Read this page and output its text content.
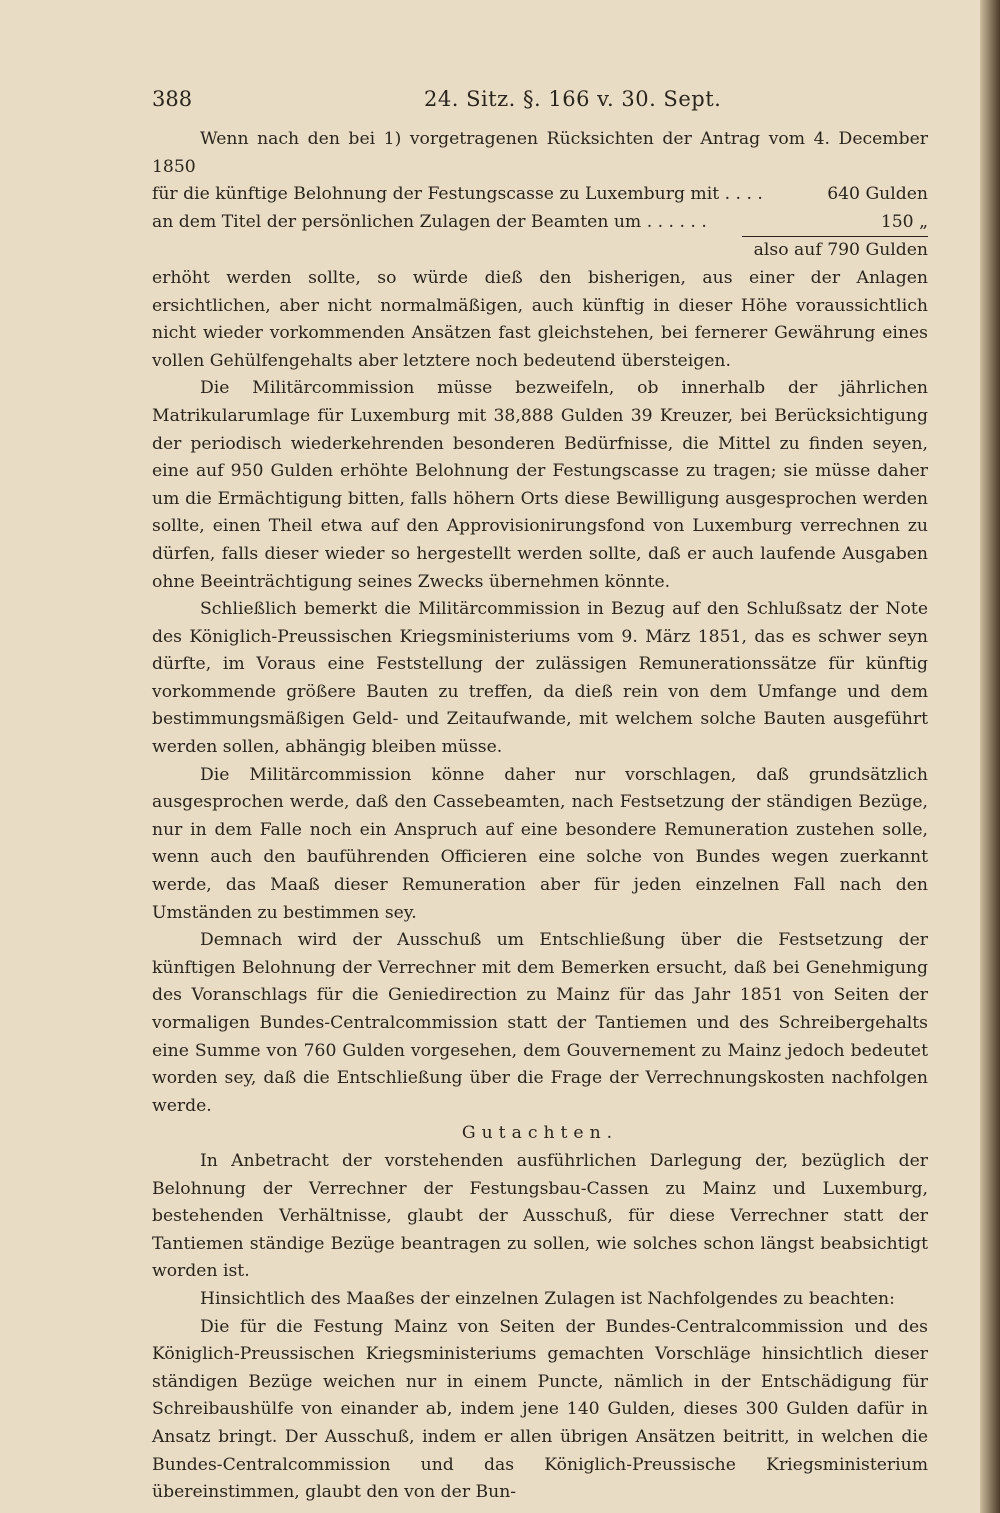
388	24. Sitz. §. 166 v. 30. Sept.

Wenn nach den bei 1) vorgetragenen Rücksichten der Antrag vom 4. December 1850

für die künftige Belohnung der Festungscasse zu Luxemburg mit . . . .	640 Gulden
an dem Titel der persönlichen Zulagen der Beamten um . . . . . .	150 „
also auf 790 Gulden

erhöht werden sollte, so würde dieß den bisherigen, aus einer der Anlagen ersichtlichen, aber nicht normalmäßigen, auch künftig in dieser Höhe voraussichtlich nicht wieder vorkommenden Ansätzen fast gleichstehen, bei fernerer Gewährung eines vollen Gehülfengehalts aber letztere noch bedeutend übersteigen.

Die Militärcommission müsse bezweifeln, ob innerhalb der jährlichen Matrikularumlage für Luxemburg mit 38,888 Gulden 39 Kreuzer, bei Berücksichtigung der periodisch wiederkehrenden besonderen Bedürfnisse, die Mittel zu finden seyen, eine auf 950 Gulden erhöhte Belohnung der Festungscasse zu tragen; sie müsse daher um die Ermächtigung bitten, falls höhern Orts diese Bewilligung ausgesprochen werden sollte, einen Theil etwa auf den Approvisionirungsfond von Luxemburg verrechnen zu dürfen, falls dieser wieder so hergestellt werden sollte, daß er auch laufende Ausgaben ohne Beeinträchtigung seines Zwecks übernehmen könnte.

Schließlich bemerkt die Militärcommission in Bezug auf den Schlußsatz der Note des Königlich-Preussischen Kriegsministeriums vom 9. März 1851, das es schwer seyn dürfte, im Voraus eine Feststellung der zulässigen Remunerationssätze für künftig vorkommende größere Bauten zu treffen, da dieß rein von dem Umfange und dem bestimmungsmäßigen Geld- und Zeitaufwande, mit welchem solche Bauten ausgeführt werden sollen, abhängig bleiben müsse.

Die Militärcommission könne daher nur vorschlagen, daß grundsätzlich ausgesprochen werde, daß den Cassebeamten, nach Festsetzung der ständigen Bezüge, nur in dem Falle noch ein Anspruch auf eine besondere Remuneration zustehen solle, wenn auch den bauführenden Officieren eine solche von Bundes wegen zuerkannt werde, das Maaß dieser Remuneration aber für jeden einzelnen Fall nach den Umständen zu bestimmen sey.

Demnach wird der Ausschuß um Entschließung über die Festsetzung der künftigen Belohnung der Verrechner mit dem Bemerken ersucht, daß bei Genehmigung des Voranschlags für die Geniedirection zu Mainz für das Jahr 1851 von Seiten der vormaligen Bundes-Centralcommission statt der Tantiemen und des Schreibergehalts eine Summe von 760 Gulden vorgesehen, dem Gouvernement zu Mainz jedoch bedeutet worden sey, daß die Entschließung über die Frage der Verrechnungskosten nachfolgen werde.

Gutachten.

In Anbetracht der vorstehenden ausführlichen Darlegung der, bezüglich der Belohnung der Verrechner der Festungsbau-Cassen zu Mainz und Luxemburg, bestehenden Verhältnisse, glaubt der Ausschuß, für diese Verrechner statt der Tantiemen ständige Bezüge beantragen zu sollen, wie solches schon längst beabsichtigt worden ist.

Hinsichtlich des Maaßes der einzelnen Zulagen ist Nachfolgendes zu beachten:

Die für die Festung Mainz von Seiten der Bundes-Centralcommission und des Königlich-Preussischen Kriegsministeriums gemachten Vorschläge hinsichtlich dieser ständigen Bezüge weichen nur in einem Puncte, nämlich in der Entschädigung für Schreibaushülfe von einander ab, indem jene 140 Gulden, dieses 300 Gulden dafür in Ansatz bringt. Der Ausschuß, indem er allen übrigen Ansätzen beitritt, in welchen die Bundes-Centralcommission und das Königlich-Preussische Kriegsministerium übereinstimmen, glaubt den von der Bun-
